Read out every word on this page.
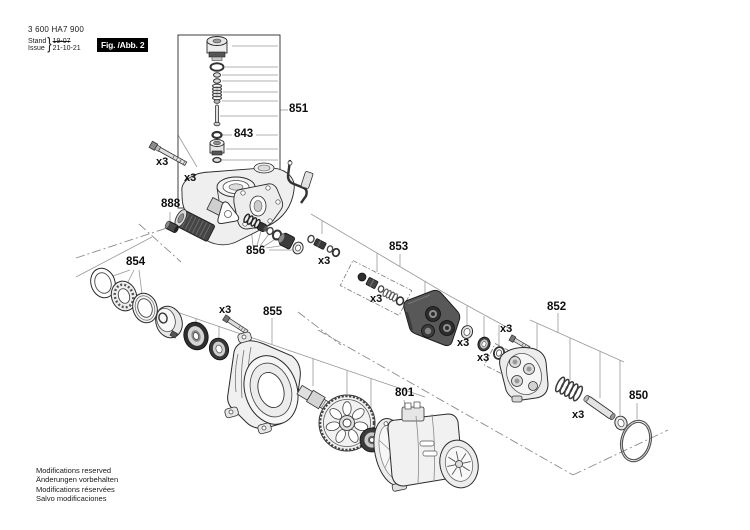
3 600 HA7 900
Stand
Issue } 19-07
21-10-21	Fig. /Abb. 2
851
843
888
854
856	853
855	852
801	850
x3
x3
x3
x3
x3
x3
x3
x3
x3
Modifications reserved
Änderungen vorbehalten
Modifications réservées
Salvo modificaciones
